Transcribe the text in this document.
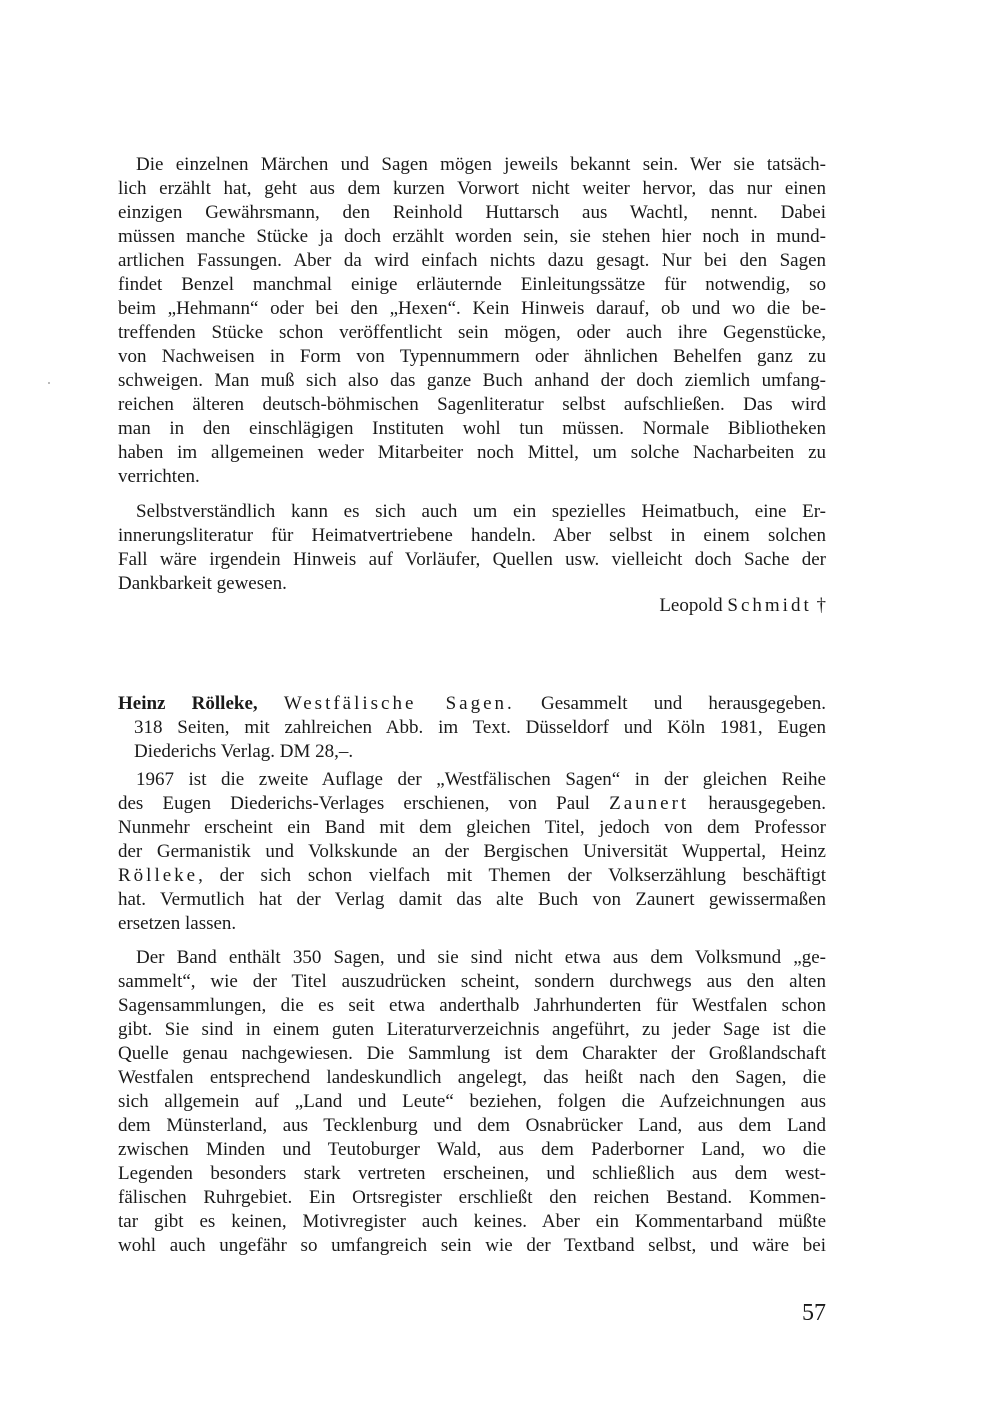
Die einzelnen Märchen und Sagen mögen jeweils bekannt sein. Wer sie tatsäch-
lich erzählt hat, geht aus dem kurzen Vorwort nicht weiter hervor, das nur einen
einzigen Gewährsmann, den Reinhold Huttarsch aus Wachtl, nennt. Dabei
müssen manche Stücke ja doch erzählt worden sein, sie stehen hier noch in mund-
artlichen Fassungen. Aber da wird einfach nichts dazu gesagt. Nur bei den Sagen
findet Benzel manchmal einige erläuternde Einleitungssätze für notwendig, so
beim „Hehmann“ oder bei den „Hexen“. Kein Hinweis darauf, ob und wo die be-
treffenden Stücke schon veröffentlicht sein mögen, oder auch ihre Gegenstücke,
von Nachweisen in Form von Typennummern oder ähnlichen Behelfen ganz zu
schweigen. Man muß sich also das ganze Buch anhand der doch ziemlich umfang-
reichen älteren deutsch-böhmischen Sagenliteratur selbst aufschließen. Das wird
man in den einschlägigen Instituten wohl tun müssen. Normale Bibliotheken
haben im allgemeinen weder Mitarbeiter noch Mittel, um solche Nacharbeiten zu
verrichten.
Selbstverständlich kann es sich auch um ein spezielles Heimatbuch, eine Er-
innerungsliteratur für Heimatvertriebene handeln. Aber selbst in einem solchen
Fall wäre irgendein Hinweis auf Vorläufer, Quellen usw. vielleicht doch Sache der
Dankbarkeit gewesen.
Leopold Schmidt †
Heinz Rölleke, Westfälische Sagen. Gesammelt und herausgegeben.
318 Seiten, mit zahlreichen Abb. im Text. Düsseldorf und Köln 1981, Eugen
Diederichs Verlag. DM 28,–.
1967 ist die zweite Auflage der „Westfälischen Sagen“ in der gleichen Reihe
des Eugen Diederichs-Verlages erschienen, von Paul Zaunert herausgegeben.
Nunmehr erscheint ein Band mit dem gleichen Titel, jedoch von dem Professor
der Germanistik und Volkskunde an der Bergischen Universität Wuppertal, Heinz
Rölleke, der sich schon vielfach mit Themen der Volkserzählung beschäftigt
hat. Vermutlich hat der Verlag damit das alte Buch von Zaunert gewissermaßen
ersetzen lassen.
Der Band enthält 350 Sagen, und sie sind nicht etwa aus dem Volksmund „ge-
sammelt“, wie der Titel auszudrücken scheint, sondern durchwegs aus den alten
Sagensammlungen, die es seit etwa anderthalb Jahrhunderten für Westfalen schon
gibt. Sie sind in einem guten Literaturverzeichnis angeführt, zu jeder Sage ist die
Quelle genau nachgewiesen. Die Sammlung ist dem Charakter der Großlandschaft
Westfalen entsprechend landeskundlich angelegt, das heißt nach den Sagen, die
sich allgemein auf „Land und Leute“ beziehen, folgen die Aufzeichnungen aus
dem Münsterland, aus Tecklenburg und dem Osnabrücker Land, aus dem Land
zwischen Minden und Teutoburger Wald, aus dem Paderborner Land, wo die
Legenden besonders stark vertreten erscheinen, und schließlich aus dem west-
fälischen Ruhrgebiet. Ein Ortsregister erschließt den reichen Bestand. Kommen-
tar gibt es keinen, Motivregister auch keines. Aber ein Kommentarband müßte
wohl auch ungefähr so umfangreich sein wie der Textband selbst, und wäre bei
57
